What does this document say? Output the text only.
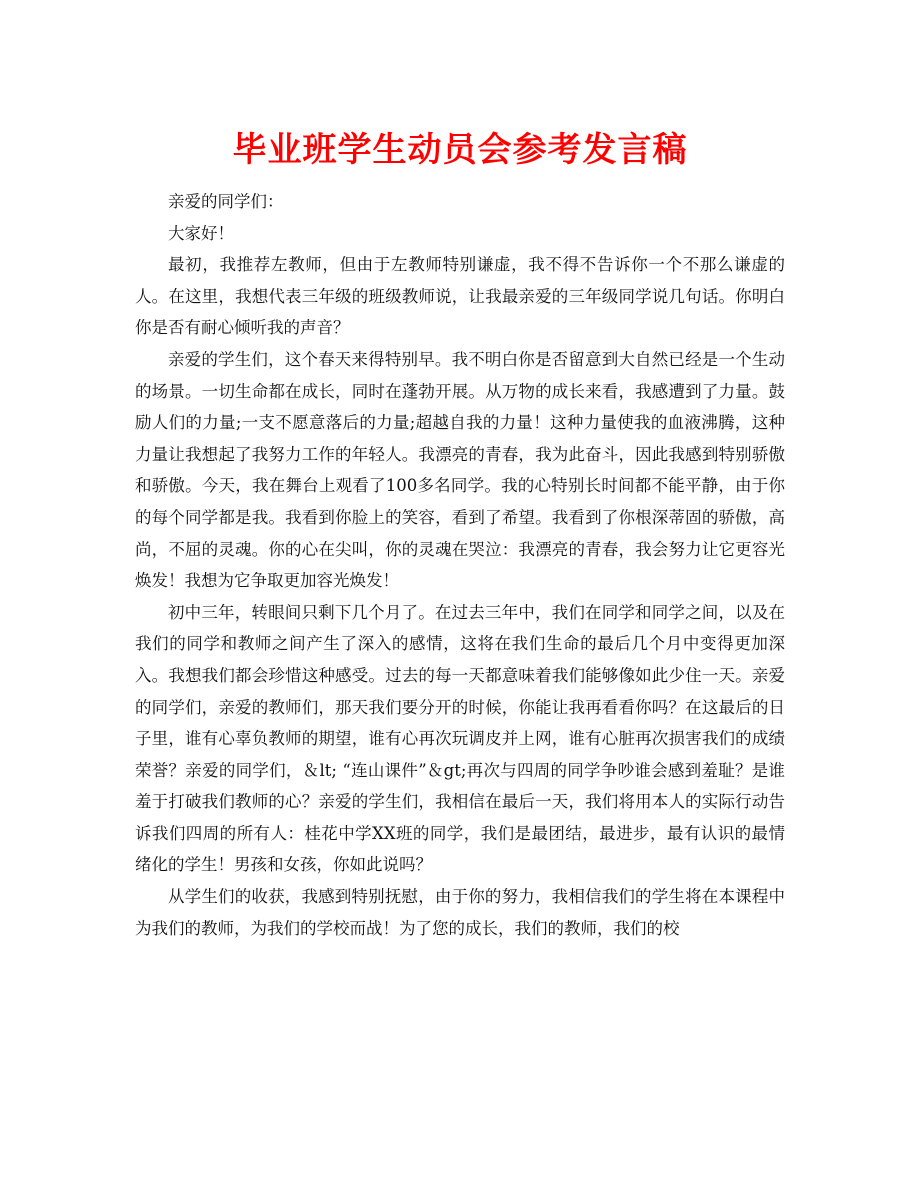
毕业班学生动员会参考发言稿

亲爱的同学们：

大家好！

最初，我推荐左教师，但由于左教师特别谦虚，我不得不告诉你一个不那么谦虚的人。在这里，我想代表三年级的班级教师说，让我最亲爱的三年级同学说几句话。你明白你是否有耐心倾听我的声音？

亲爱的学生们，这个春天来得特别早。我不明白你是否留意到大自然已经是一个生动的场景。一切生命都在成长，同时在蓬勃开展。从万物的成长来看，我感遭到了力量。鼓励人们的力量;一支不愿意落后的力量;超越自我的力量！这种力量使我的血液沸腾，这种力量让我想起了我努力工作的年轻人。我漂亮的青春，我为此奋斗，因此我感到特别骄傲和骄傲。今天，我在舞台上观看了100多名同学。我的心特别长时间都不能平静，由于你的每个同学都是我。我看到你脸上的笑容，看到了希望。我看到了你根深蒂固的骄傲，高尚，不屈的灵魂。你的心在尖叫，你的灵魂在哭泣：我漂亮的青春，我会努力让它更容光焕发！我想为它争取更加容光焕发！

初中三年，转眼间只剩下几个月了。在过去三年中，我们在同学和同学之间，以及在我们的同学和教师之间产生了深入的感情，这将在我们生命的最后几个月中变得更加深入。我想我们都会珍惜这种感受。过去的每一天都意味着我们能够像如此少住一天。亲爱的同学们，亲爱的教师们，那天我们要分开的时候，你能让我再看看你吗？在这最后的日子里，谁有心辜负教师的期望，谁有心再次玩调皮并上网，谁有心脏再次损害我们的成绩荣誉？亲爱的同学们，＆lt; “连山课件”＆gt;再次与四周的同学争吵谁会感到羞耻？是谁羞于打破我们教师的心？亲爱的学生们，我相信在最后一天，我们将用本人的实际行动告诉我们四周的所有人：桂花中学XX班的同学，我们是最团结，最进步，最有认识的最情绪化的学生！男孩和女孩，你如此说吗？

从学生们的收获，我感到特别抚慰，由于你的努力，我相信我们的学生将在本课程中为我们的教师，为我们的学校而战！为了您的成长，我们的教师，我们的校
